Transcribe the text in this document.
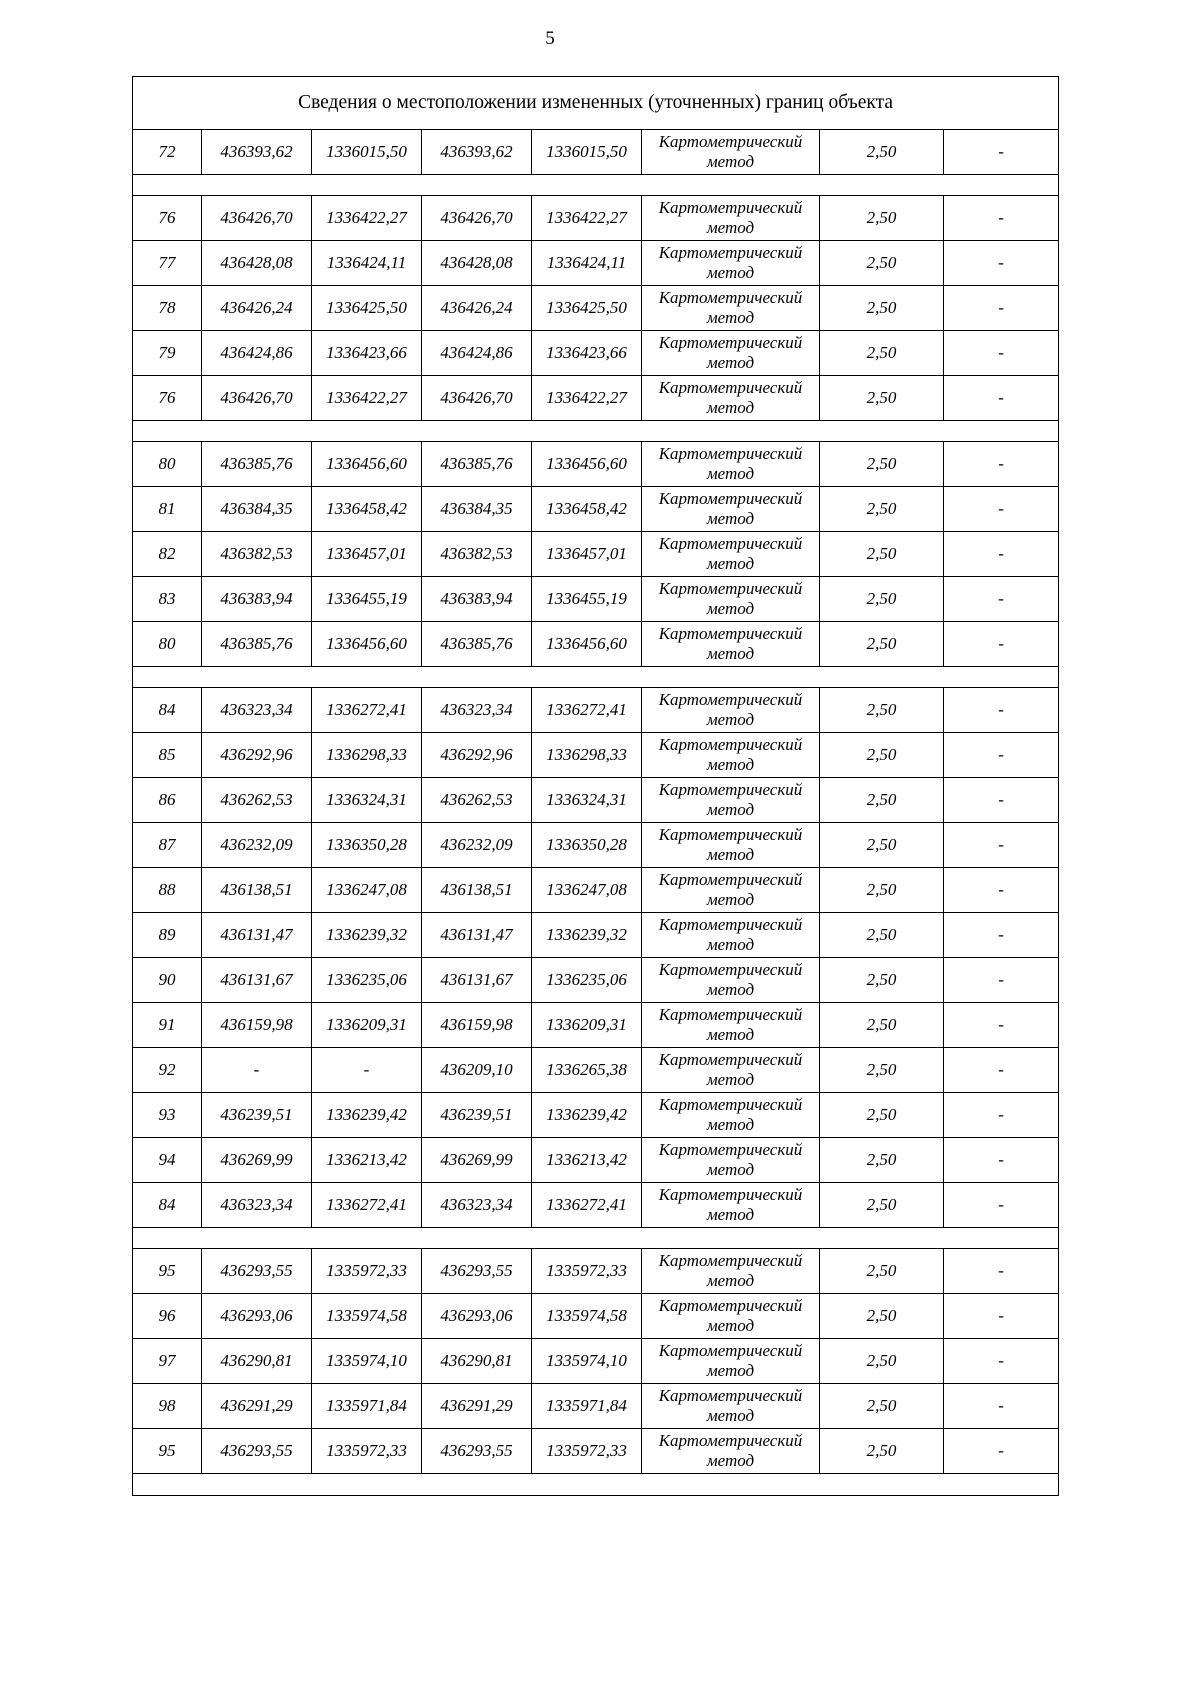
5
Сведения о местоположении измененных (уточненных) границ объекта							
72	436393,62	1336015,50	436393,62	1336015,50	Картометрический
метод	2,50	-

76	436426,70	1336422,27	436426,70	1336422,27	Картометрический
метод	2,50	-
77	436428,08	1336424,11	436428,08	1336424,11	Картометрический
метод	2,50	-
78	436426,24	1336425,50	436426,24	1336425,50	Картометрический
метод	2,50	-
79	436424,86	1336423,66	436424,86	1336423,66	Картометрический
метод	2,50	-
76	436426,70	1336422,27	436426,70	1336422,27	Картометрический
метод	2,50	-

80	436385,76	1336456,60	436385,76	1336456,60	Картометрический
метод	2,50	-
81	436384,35	1336458,42	436384,35	1336458,42	Картометрический
метод	2,50	-
82	436382,53	1336457,01	436382,53	1336457,01	Картометрический
метод	2,50	-
83	436383,94	1336455,19	436383,94	1336455,19	Картометрический
метод	2,50	-
80	436385,76	1336456,60	436385,76	1336456,60	Картометрический
метод	2,50	-

84	436323,34	1336272,41	436323,34	1336272,41	Картометрический
метод	2,50	-
85	436292,96	1336298,33	436292,96	1336298,33	Картометрический
метод	2,50	-
86	436262,53	1336324,31	436262,53	1336324,31	Картометрический
метод	2,50	-
87	436232,09	1336350,28	436232,09	1336350,28	Картометрический
метод	2,50	-
88	436138,51	1336247,08	436138,51	1336247,08	Картометрический
метод	2,50	-
89	436131,47	1336239,32	436131,47	1336239,32	Картометрический
метод	2,50	-
90	436131,67	1336235,06	436131,67	1336235,06	Картометрический
метод	2,50	-
91	436159,98	1336209,31	436159,98	1336209,31	Картометрический
метод	2,50	-
92	-	-	436209,10	1336265,38	Картометрический
метод	2,50	-
93	436239,51	1336239,42	436239,51	1336239,42	Картометрический
метод	2,50	-
94	436269,99	1336213,42	436269,99	1336213,42	Картометрический
метод	2,50	-
84	436323,34	1336272,41	436323,34	1336272,41	Картометрический
метод	2,50	-

95	436293,55	1335972,33	436293,55	1335972,33	Картометрический
метод	2,50	-
96	436293,06	1335974,58	436293,06	1335974,58	Картометрический
метод	2,50	-
97	436290,81	1335974,10	436290,81	1335974,10	Картометрический
метод	2,50	-
98	436291,29	1335971,84	436291,29	1335971,84	Картометрический
метод	2,50	-
95	436293,55	1335972,33	436293,55	1335972,33	Картометрический
метод	2,50	-
